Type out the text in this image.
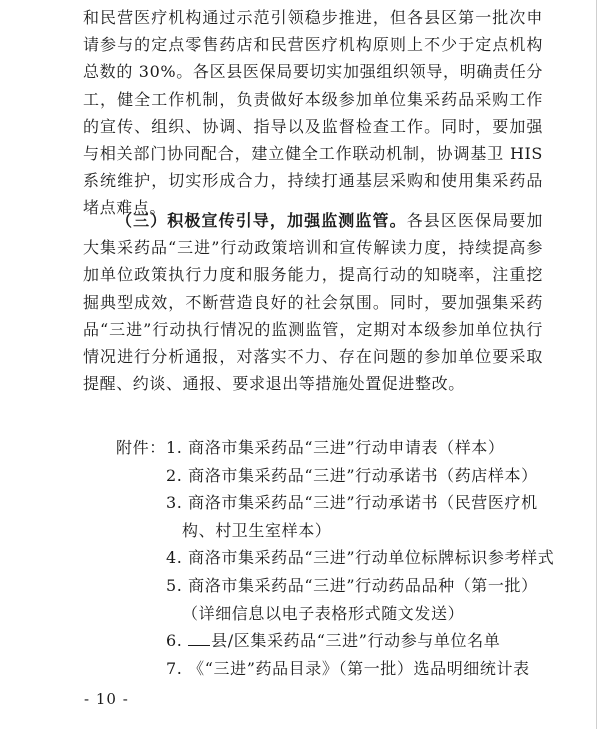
和民营医疗机构通过示范引领稳步推进，但各县区第一批次申请参与的定点零售药店和民营医疗机构原则上不少于定点机构总数的 30%。各区县医保局要切实加强组织领导，明确责任分工，健全工作机制，负责做好本级参加单位集采药品采购工作的宣传、组织、协调、指导以及监督检查工作。同时，要加强与相关部门协同配合，建立健全工作联动机制，协调基卫 HIS 系统维护，切实形成合力，持续打通基层采购和使用集采药品堵点难点。

（三）积极宣传引导，加强监测监管。各县区医保局要加大集采药品“三进”行动政策培训和宣传解读力度，持续提高参加单位政策执行力度和服务能力，提高行动的知晓率，注重挖掘典型成效，不断营造良好的社会氛围。同时，要加强集采药品“三进”行动执行情况的监测监管，定期对本级参加单位执行情况进行分析通报，对落实不力、存在问题的参加单位要采取提醒、约谈、通报、要求退出等措施处置促进整改。

附件： 1. 商洛市集采药品“三进”行动申请表（样本）
2. 商洛市集采药品“三进”行动承诺书（药店样本）
3. 商洛市集采药品“三进”行动承诺书（民营医疗机构、村卫生室样本）
4. 商洛市集采药品“三进”行动单位标牌标识参考样式
5. 商洛市集采药品“三进”行动药品品种（第一批）（详细信息以电子表格形式随文发送）
6. 县/区集采药品“三进”行动参与单位名单
7. 《“三进”药品目录》（第一批）选品明细统计表
- 10 -
